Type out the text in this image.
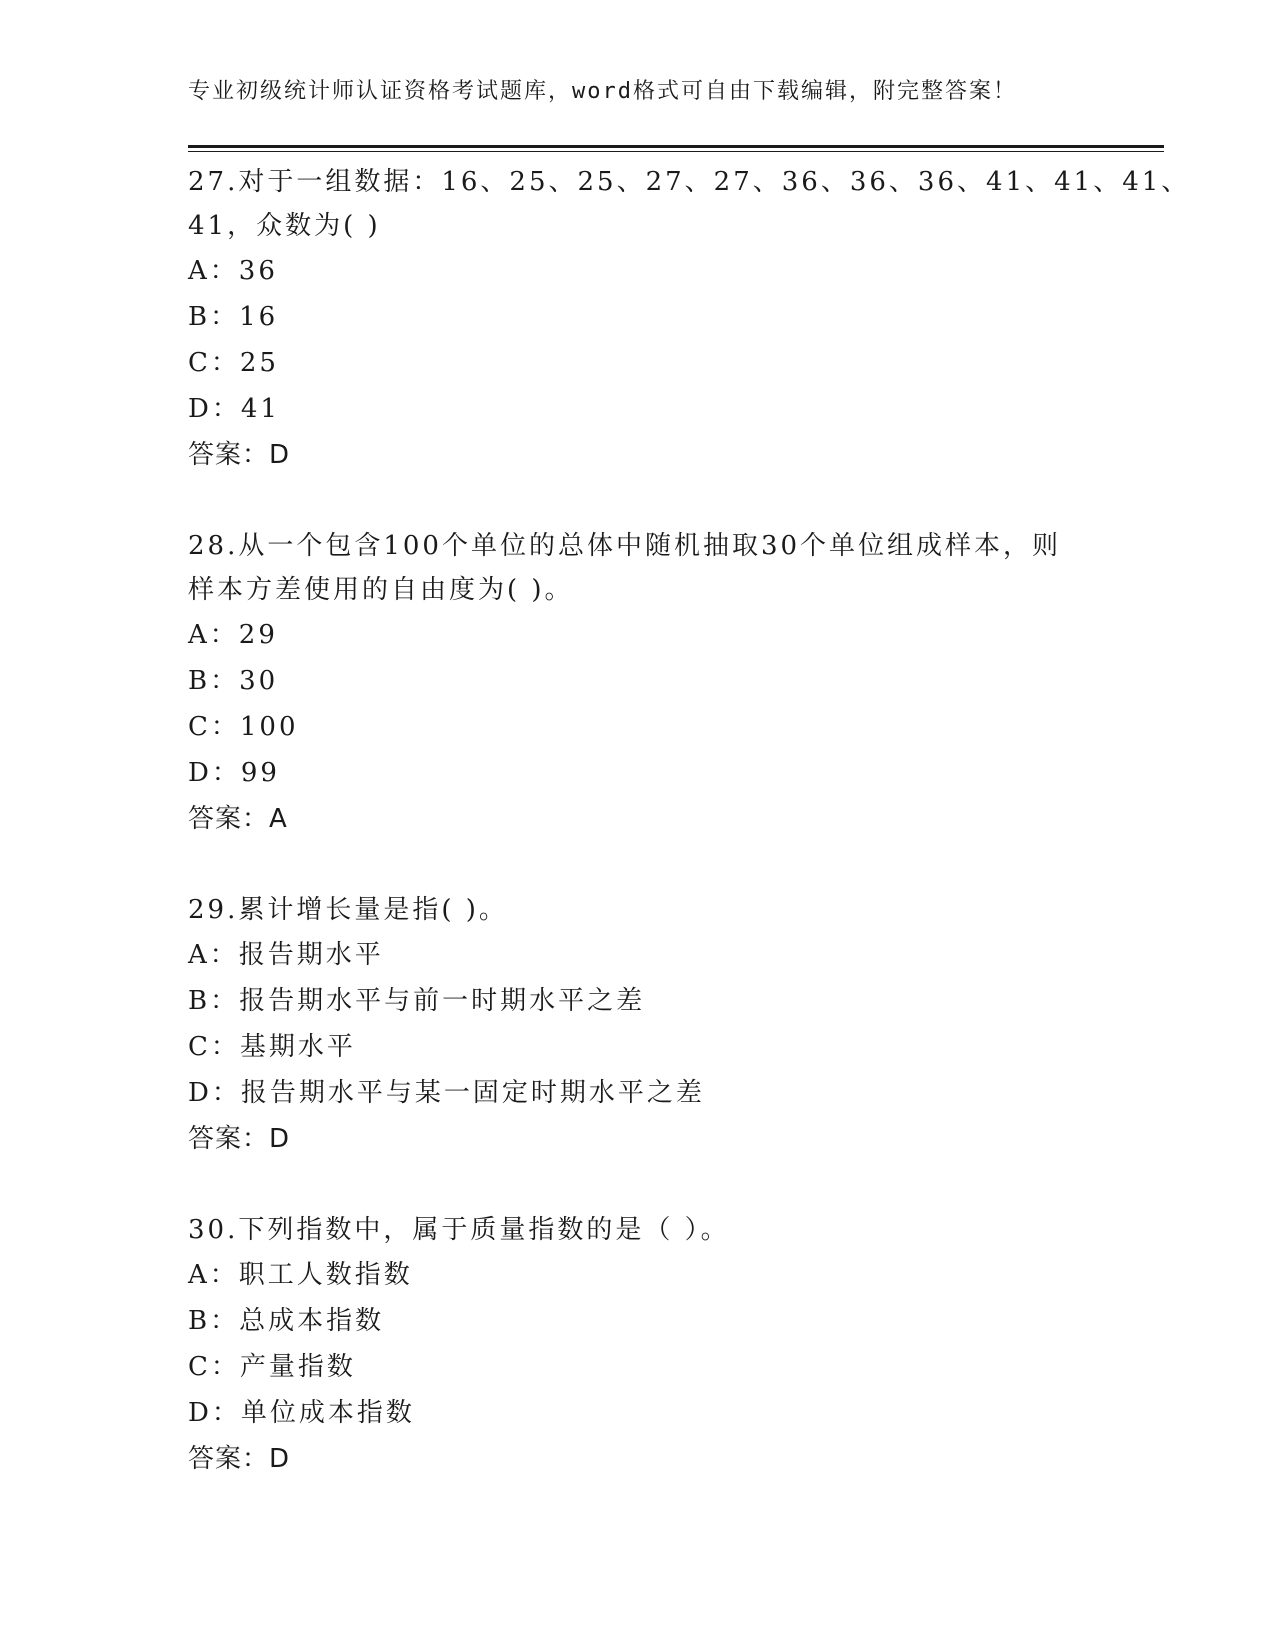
专业初级统计师认证资格考试题库，word格式可自由下载编辑，附完整答案！
27.对于一组数据：16、25、25、27、27、36、36、36、41、41、41、
41，众数为( )
A：36
B：16
C：25
D：41
答案：D
28.从一个包含100个单位的总体中随机抽取30个单位组成样本，则
样本方差使用的自由度为( )。
A：29
B：30
C：100
D：99
答案：A
29.累计增长量是指( )。
A：报告期水平
B：报告期水平与前一时期水平之差
C：基期水平
D：报告期水平与某一固定时期水平之差
答案：D
30.下列指数中，属于质量指数的是（ ）。
A：职工人数指数
B：总成本指数
C：产量指数
D：单位成本指数
答案：D
